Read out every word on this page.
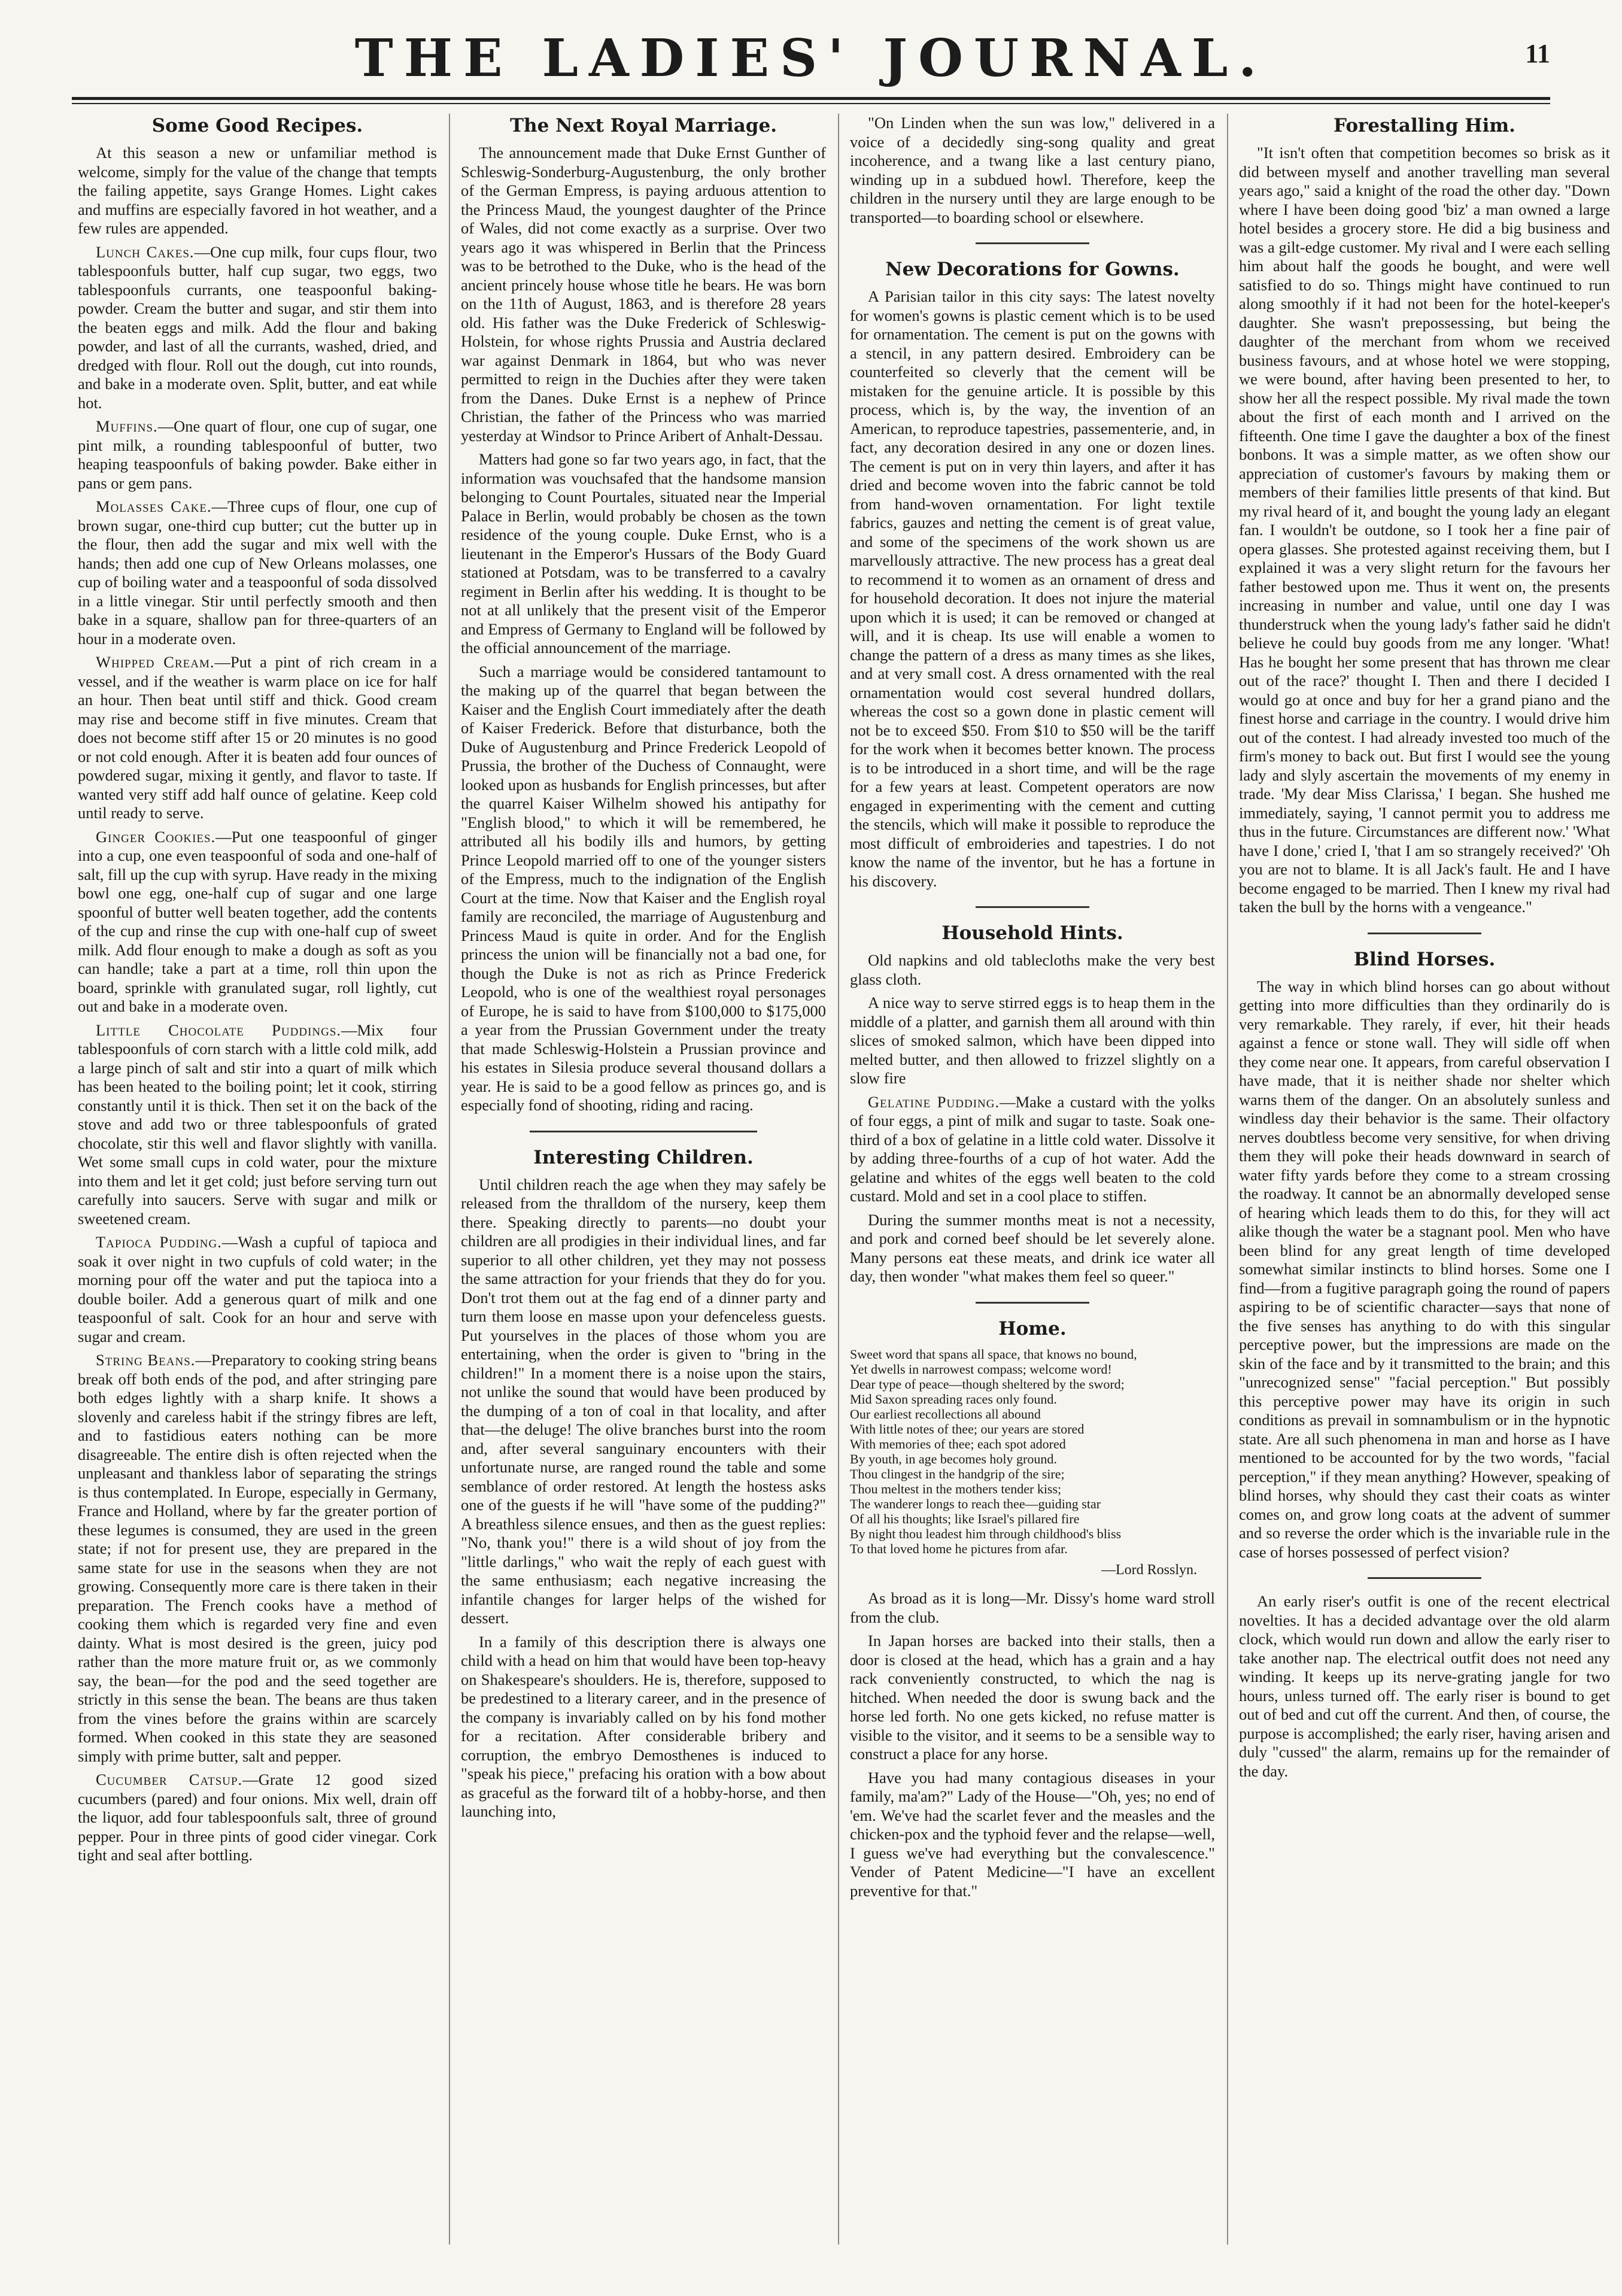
THE LADIES' JOURNAL.	11
Some Good Recipes.

At this season a new or unfamiliar method is welcome, simply for the value of the change that tempts the failing appetite, says Grange Homes. Light cakes and muffins are especially favored in hot weather, and a few rules are appended.

Lunch Cakes.—One cup milk, four cups flour, two tablespoonfuls butter, half cup sugar, two eggs, two tablespoonfuls currants, one teaspoonful baking-powder. Cream the butter and sugar, and stir them into the beaten eggs and milk. Add the flour and baking powder, and last of all the currants, washed, dried, and dredged with flour. Roll out the dough, cut into rounds, and bake in a moderate oven. Split, butter, and eat while hot.

Muffins.—One quart of flour, one cup of sugar, one pint milk, a rounding tablespoonful of butter, two heaping teaspoonfuls of baking powder. Bake either in pans or gem pans.

Molasses Cake.—Three cups of flour, one cup of brown sugar, one-third cup butter; cut the butter up in the flour, then add the sugar and mix well with the hands; then add one cup of New Orleans molasses, one cup of boiling water and a teaspoonful of soda dissolved in a little vinegar. Stir until perfectly smooth and then bake in a square, shallow pan for three-quarters of an hour in a moderate oven.

Whipped Cream.—Put a pint of rich cream in a vessel, and if the weather is warm place on ice for half an hour. Then beat until stiff and thick. Good cream may rise and become stiff in five minutes. Cream that does not become stiff after 15 or 20 minutes is no good or not cold enough. After it is beaten add four ounces of powdered sugar, mixing it gently, and flavor to taste. If wanted very stiff add half ounce of gelatine. Keep cold until ready to serve.

Ginger Cookies.—Put one teaspoonful of ginger into a cup, one even teaspoonful of soda and one-half of salt, fill up the cup with syrup. Have ready in the mixing bowl one egg, one-half cup of sugar and one large spoonful of butter well beaten together, add the contents of the cup and rinse the cup with one-half cup of sweet milk. Add flour enough to make a dough as soft as you can handle; take a part at a time, roll thin upon the board, sprinkle with granulated sugar, roll lightly, cut out and bake in a moderate oven.

Little Chocolate Puddings.—Mix four tablespoonfuls of corn starch with a little cold milk, add a large pinch of salt and stir into a quart of milk which has been heated to the boiling point; let it cook, stirring constantly until it is thick. Then set it on the back of the stove and add two or three tablespoonfuls of grated chocolate, stir this well and flavor slightly with vanilla. Wet some small cups in cold water, pour the mixture into them and let it get cold; just before serving turn out carefully into saucers. Serve with sugar and milk or sweetened cream.

Tapioca Pudding.—Wash a cupful of tapioca and soak it over night in two cupfuls of cold water; in the morning pour off the water and put the tapioca into a double boiler. Add a generous quart of milk and one teaspoonful of salt. Cook for an hour and serve with sugar and cream.

String Beans.—Preparatory to cooking string beans break off both ends of the pod, and after stringing pare both edges lightly with a sharp knife. It shows a slovenly and careless habit if the stringy fibres are left, and to fastidious eaters nothing can be more disagreeable. The entire dish is often rejected when the unpleasant and thankless labor of separating the strings is thus contemplated. In Europe, especially in Germany, France and Holland, where by far the greater portion of these legumes is consumed, they are used in the green state; if not for present use, they are prepared in the same state for use in the seasons when they are not growing. Consequently more care is there taken in their preparation. The French cooks have a method of cooking them which is regarded very fine and even dainty. What is most desired is the green, juicy pod rather than the more mature fruit or, as we commonly say, the bean—for the pod and the seed together are strictly in this sense the bean. The beans are thus taken from the vines before the grains within are scarcely formed. When cooked in this state they are seasoned simply with prime butter, salt and pepper.

Cucumber Catsup.—Grate 12 good sized cucumbers (pared) and four onions. Mix well, drain off the liquor, add four tablespoonfuls salt, three of ground pepper. Pour in three pints of good cider vinegar. Cork tight and seal after bottling.

The Next Royal Marriage.

The announcement made that Duke Ernst Gunther of Schleswig-Sonderburg-Augustenburg, the only brother of the German Empress, is paying arduous attention to the Princess Maud, the youngest daughter of the Prince of Wales, did not come exactly as a surprise. Over two years ago it was whispered in Berlin that the Princess was to be betrothed to the Duke, who is the head of the ancient princely house whose title he bears. He was born on the 11th of August, 1863, and is therefore 28 years old. His father was the Duke Frederick of Schleswig-Holstein, for whose rights Prussia and Austria declared war against Denmark in 1864, but who was never permitted to reign in the Duchies after they were taken from the Danes. Duke Ernst is a nephew of Prince Christian, the father of the Princess who was married yesterday at Windsor to Prince Aribert of Anhalt-Dessau.

Matters had gone so far two years ago, in fact, that the information was vouchsafed that the handsome mansion belonging to Count Pourtales, situated near the Imperial Palace in Berlin, would probably be chosen as the town residence of the young couple. Duke Ernst, who is a lieutenant in the Emperor's Hussars of the Body Guard stationed at Potsdam, was to be transferred to a cavalry regiment in Berlin after his wedding. It is thought to be not at all unlikely that the present visit of the Emperor and Empress of Germany to England will be followed by the official announcement of the marriage.

Such a marriage would be considered tantamount to the making up of the quarrel that began between the Kaiser and the English Court immediately after the death of Kaiser Frederick. Before that disturbance, both the Duke of Augustenburg and Prince Frederick Leopold of Prussia, the brother of the Duchess of Connaught, were looked upon as husbands for English princesses, but after the quarrel Kaiser Wilhelm showed his antipathy for "English blood," to which it will be remembered, he attributed all his bodily ills and humors, by getting Prince Leopold married off to one of the younger sisters of the Empress, much to the indignation of the English Court at the time. Now that Kaiser and the English royal family are reconciled, the marriage of Augustenburg and Princess Maud is quite in order. And for the English princess the union will be financially not a bad one, for though the Duke is not as rich as Prince Frederick Leopold, who is one of the wealthiest royal personages of Europe, he is said to have from $100,000 to $175,000 a year from the Prussian Government under the treaty that made Schleswig-Holstein a Prussian province and his estates in Silesia produce several thousand dollars a year. He is said to be a good fellow as princes go, and is especially fond of shooting, riding and racing.

Interesting Children.

Until children reach the age when they may safely be released from the thralldom of the nursery, keep them there. Speaking directly to parents—no doubt your children are all prodigies in their individual lines, and far superior to all other children, yet they may not possess the same attraction for your friends that they do for you. Don't trot them out at the fag end of a dinner party and turn them loose en masse upon your defenceless guests. Put yourselves in the places of those whom you are entertaining, when the order is given to "bring in the children!" In a moment there is a noise upon the stairs, not unlike the sound that would have been produced by the dumping of a ton of coal in that locality, and after that—the deluge! The olive branches burst into the room and, after several sanguinary encounters with their unfortunate nurse, are ranged round the table and some semblance of order restored. At length the hostess asks one of the guests if he will "have some of the pudding?" A breathless silence ensues, and then as the guest replies: "No, thank you!" there is a wild shout of joy from the "little darlings," who wait the reply of each guest with the same enthusiasm; each negative increasing the infantile changes for larger helps of the wished for dessert.

In a family of this description there is always one child with a head on him that would have been top-heavy on Shakespeare's shoulders. He is, therefore, supposed to be predestined to a literary career, and in the presence of the company is invariably called on by his fond mother for a recitation. After considerable bribery and corruption, the embryo Demosthenes is induced to "speak his piece," prefacing his oration with a bow about as graceful as the forward tilt of a hobby-horse, and then launching into,

"On Linden when the sun was low," delivered in a voice of a decidedly sing-song quality and great incoherence, and a twang like a last century piano, winding up in a subdued howl. Therefore, keep the children in the nursery until they are large enough to be transported—to boarding school or elsewhere.

New Decorations for Gowns.

A Parisian tailor in this city says: The latest novelty for women's gowns is plastic cement which is to be used for ornamentation. The cement is put on the gowns with a stencil, in any pattern desired. Embroidery can be counterfeited so cleverly that the cement will be mistaken for the genuine article. It is possible by this process, which is, by the way, the invention of an American, to reproduce tapestries, passementerie, and, in fact, any decoration desired in any one or dozen lines. The cement is put on in very thin layers, and after it has dried and become woven into the fabric cannot be told from hand-woven ornamentation. For light textile fabrics, gauzes and netting the cement is of great value, and some of the specimens of the work shown us are marvellously attractive. The new process has a great deal to recommend it to women as an ornament of dress and for household decoration. It does not injure the material upon which it is used; it can be removed or changed at will, and it is cheap. Its use will enable a women to change the pattern of a dress as many times as she likes, and at very small cost. A dress ornamented with the real ornamentation would cost several hundred dollars, whereas the cost so a gown done in plastic cement will not be to exceed $50. From $10 to $50 will be the tariff for the work when it becomes better known. The process is to be introduced in a short time, and will be the rage for a few years at least. Competent operators are now engaged in experimenting with the cement and cutting the stencils, which will make it possible to reproduce the most difficult of embroideries and tapestries. I do not know the name of the inventor, but he has a fortune in his discovery.

Household Hints.

Old napkins and old tablecloths make the very best glass cloth.

A nice way to serve stirred eggs is to heap them in the middle of a platter, and garnish them all around with thin slices of smoked salmon, which have been dipped into melted butter, and then allowed to frizzel slightly on a slow fire

Gelatine Pudding.—Make a custard with the yolks of four eggs, a pint of milk and sugar to taste. Soak one-third of a box of gelatine in a little cold water. Dissolve it by adding three-fourths of a cup of hot water. Add the gelatine and whites of the eggs well beaten to the cold custard. Mold and set in a cool place to stiffen.

During the summer months meat is not a necessity, and pork and corned beef should be let severely alone. Many persons eat these meats, and drink ice water all day, then wonder "what makes them feel so queer."

Home.
Sweet word that spans all space, that knows no bound,
Yet dwells in narrowest compass; welcome word!
Dear type of peace—though sheltered by the sword;
Mid Saxon spreading races only found.
Our earliest recollections all abound
With little notes of thee; our years are stored
With memories of thee; each spot adored
By youth, in age becomes holy ground.
Thou clingest in the handgrip of the sire;
Thou meltest in the mothers tender kiss;
The wanderer longs to reach thee—guiding star
Of all his thoughts; like Israel's pillared fire
By night thou leadest him through childhood's bliss
To that loved home he pictures from afar.
—Lord Rosslyn.

As broad as it is long—Mr. Dissy's home ward stroll from the club.

In Japan horses are backed into their stalls, then a door is closed at the head, which has a grain and a hay rack conveniently constructed, to which the nag is hitched. When needed the door is swung back and the horse led forth. No one gets kicked, no refuse matter is visible to the visitor, and it seems to be a sensible way to construct a place for any horse.

Have you had many contagious diseases in your family, ma'am?" Lady of the House—"Oh, yes; no end of 'em. We've had the scarlet fever and the measles and the chicken-pox and the typhoid fever and the relapse—well, I guess we've had everything but the convalescence." Vender of Patent Medicine—"I have an excellent preventive for that."

Forestalling Him.

"It isn't often that competition becomes so brisk as it did between myself and another travelling man several years ago," said a knight of the road the other day. "Down where I have been doing good 'biz' a man owned a large hotel besides a grocery store. He did a big business and was a gilt-edge customer. My rival and I were each selling him about half the goods he bought, and were well satisfied to do so. Things might have continued to run along smoothly if it had not been for the hotel-keeper's daughter. She wasn't prepossessing, but being the daughter of the merchant from whom we received business favours, and at whose hotel we were stopping, we were bound, after having been presented to her, to show her all the respect possible. My rival made the town about the first of each month and I arrived on the fifteenth. One time I gave the daughter a box of the finest bonbons. It was a simple matter, as we often show our appreciation of customer's favours by making them or members of their families little presents of that kind. But my rival heard of it, and bought the young lady an elegant fan. I wouldn't be outdone, so I took her a fine pair of opera glasses. She protested against receiving them, but I explained it was a very slight return for the favours her father bestowed upon me. Thus it went on, the presents increasing in number and value, until one day I was thunderstruck when the young lady's father said he didn't believe he could buy goods from me any longer. 'What! Has he bought her some present that has thrown me clear out of the race?' thought I. Then and there I decided I would go at once and buy for her a grand piano and the finest horse and carriage in the country. I would drive him out of the contest. I had already invested too much of the firm's money to back out. But first I would see the young lady and slyly ascertain the movements of my enemy in trade. 'My dear Miss Clarissa,' I began. She hushed me immediately, saying, 'I cannot permit you to address me thus in the future. Circumstances are different now.' 'What have I done,' cried I, 'that I am so strangely received?' 'Oh you are not to blame. It is all Jack's fault. He and I have become engaged to be married. Then I knew my rival had taken the bull by the horns with a vengeance."

Blind Horses.

The way in which blind horses can go about without getting into more difficulties than they ordinarily do is very remarkable. They rarely, if ever, hit their heads against a fence or stone wall. They will sidle off when they come near one. It appears, from careful observation I have made, that it is neither shade nor shelter which warns them of the danger. On an absolutely sunless and windless day their behavior is the same. Their olfactory nerves doubtless become very sensitive, for when driving them they will poke their heads downward in search of water fifty yards before they come to a stream crossing the roadway. It cannot be an abnormally developed sense of hearing which leads them to do this, for they will act alike though the water be a stagnant pool. Men who have been blind for any great length of time developed somewhat similar instincts to blind horses. Some one I find—from a fugitive paragraph going the round of papers aspiring to be of scientific character—says that none of the five senses has anything to do with this singular perceptive power, but the impressions are made on the skin of the face and by it transmitted to the brain; and this "unrecognized sense" "facial perception." But possibly this perceptive power may have its origin in such conditions as prevail in somnambulism or in the hypnotic state. Are all such phenomena in man and horse as I have mentioned to be accounted for by the two words, "facial perception," if they mean anything? However, speaking of blind horses, why should they cast their coats as winter comes on, and grow long coats at the advent of summer and so reverse the order which is the invariable rule in the case of horses possessed of perfect vision?

An early riser's outfit is one of the recent electrical novelties. It has a decided advantage over the old alarm clock, which would run down and allow the early riser to take another nap. The electrical outfit does not need any winding. It keeps up its nerve-grating jangle for two hours, unless turned off. The early riser is bound to get out of bed and cut off the current. And then, of course, the purpose is accomplished; the early riser, having arisen and duly "cussed" the alarm, remains up for the remainder of the day.
